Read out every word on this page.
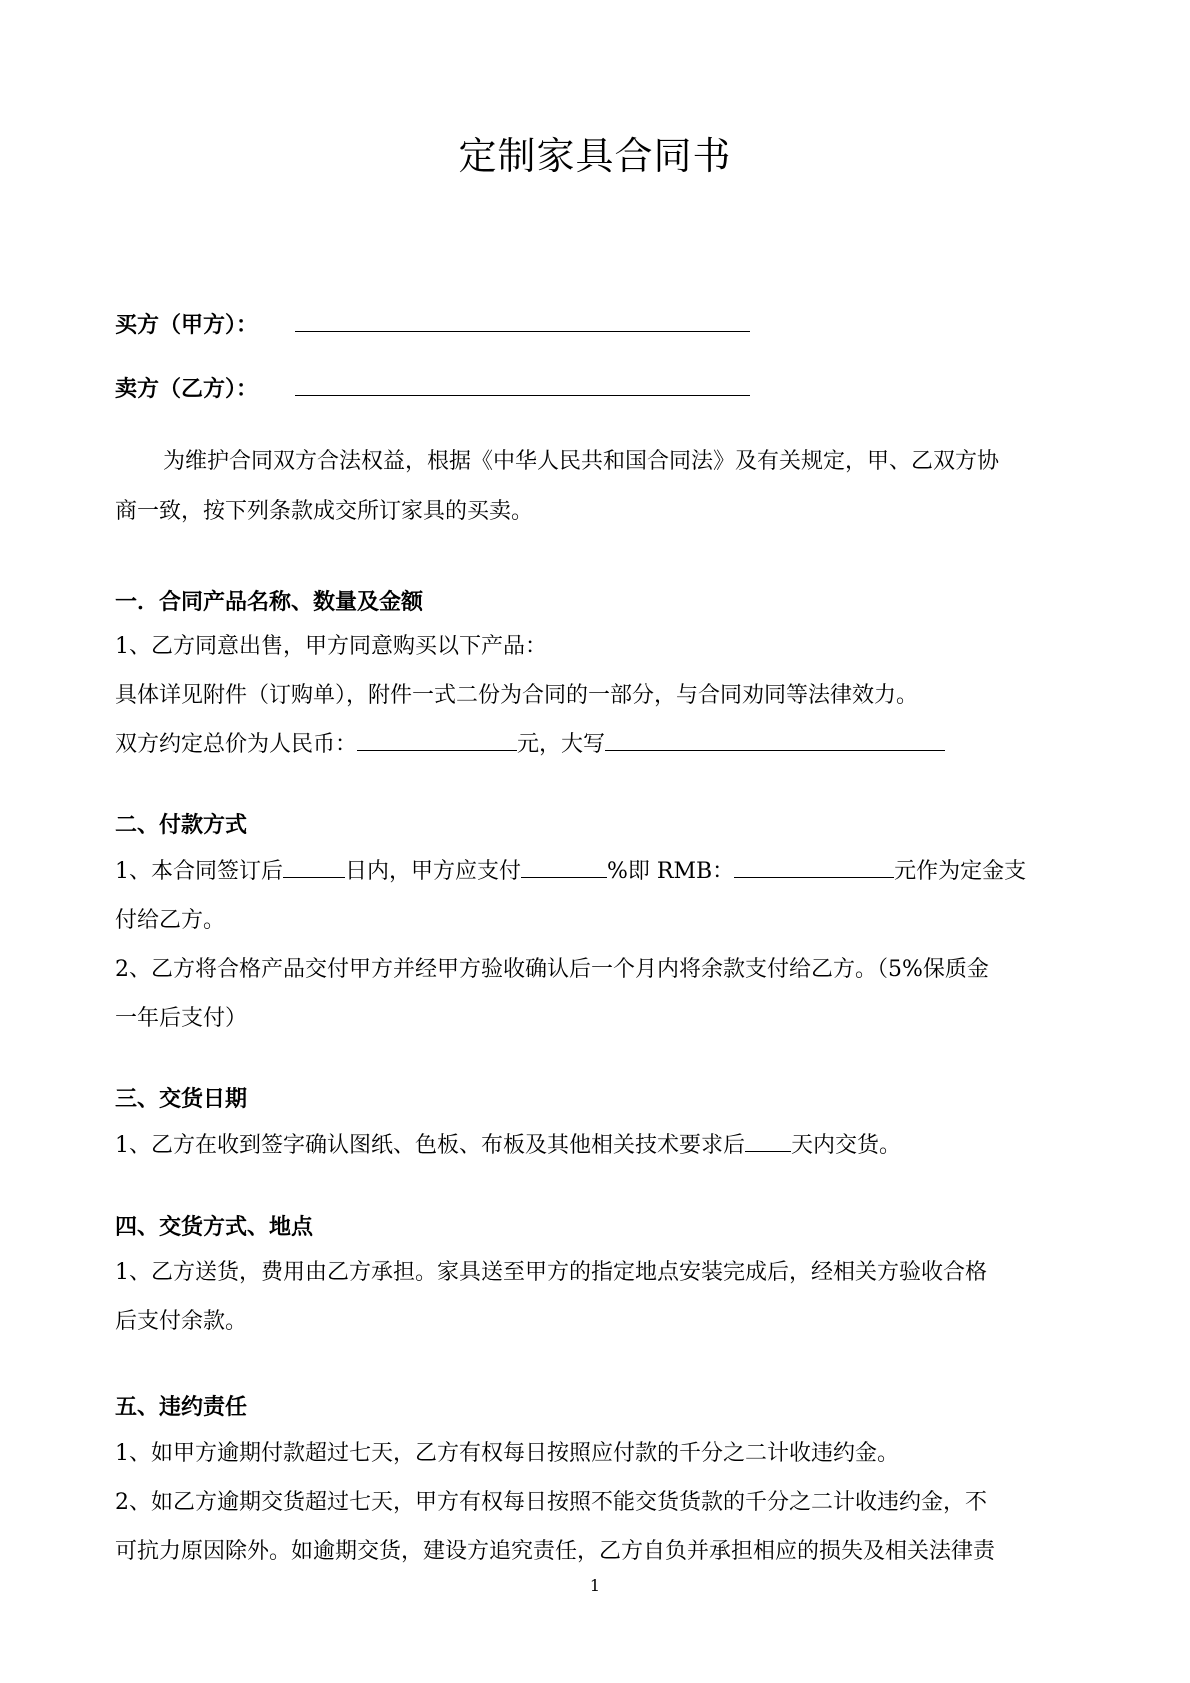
定制家具合同书
买方（甲方）：
卖方（乙方）：
为维护合同双方合法权益，根据《中华人民共和国合同法》及有关规定，甲、乙双方协
商一致，按下列条款成交所订家具的买卖。
一．合同产品名称、数量及金额
1、乙方同意出售，甲方同意购买以下产品：
具体详见附件（订购单），附件一式二份为合同的一部分，与合同劝同等法律效力。
双方约定总价为人民币：	元，大写
二、付款方式
1、本合同签订后	日内，甲方应支付	%即 RMB：	元作为定金支
付给乙方。
2、乙方将合格产品交付甲方并经甲方验收确认后一个月内将余款支付给乙方。（5%保质金
一年后支付）
三、交货日期
1、乙方在收到签字确认图纸、色板、布板及其他相关技术要求后 天内交货。
四、交货方式、地点
1、乙方送货，费用由乙方承担。家具送至甲方的指定地点安装完成后，经相关方验收合格
后支付余款。
五、违约责任
1、如甲方逾期付款超过七天，乙方有权每日按照应付款的千分之二计收违约金。
2、如乙方逾期交货超过七天，甲方有权每日按照不能交货货款的千分之二计收违约金，不
可抗力原因除外。如逾期交货，建设方追究责任，乙方自负并承担相应的损失及相关法律责
1
